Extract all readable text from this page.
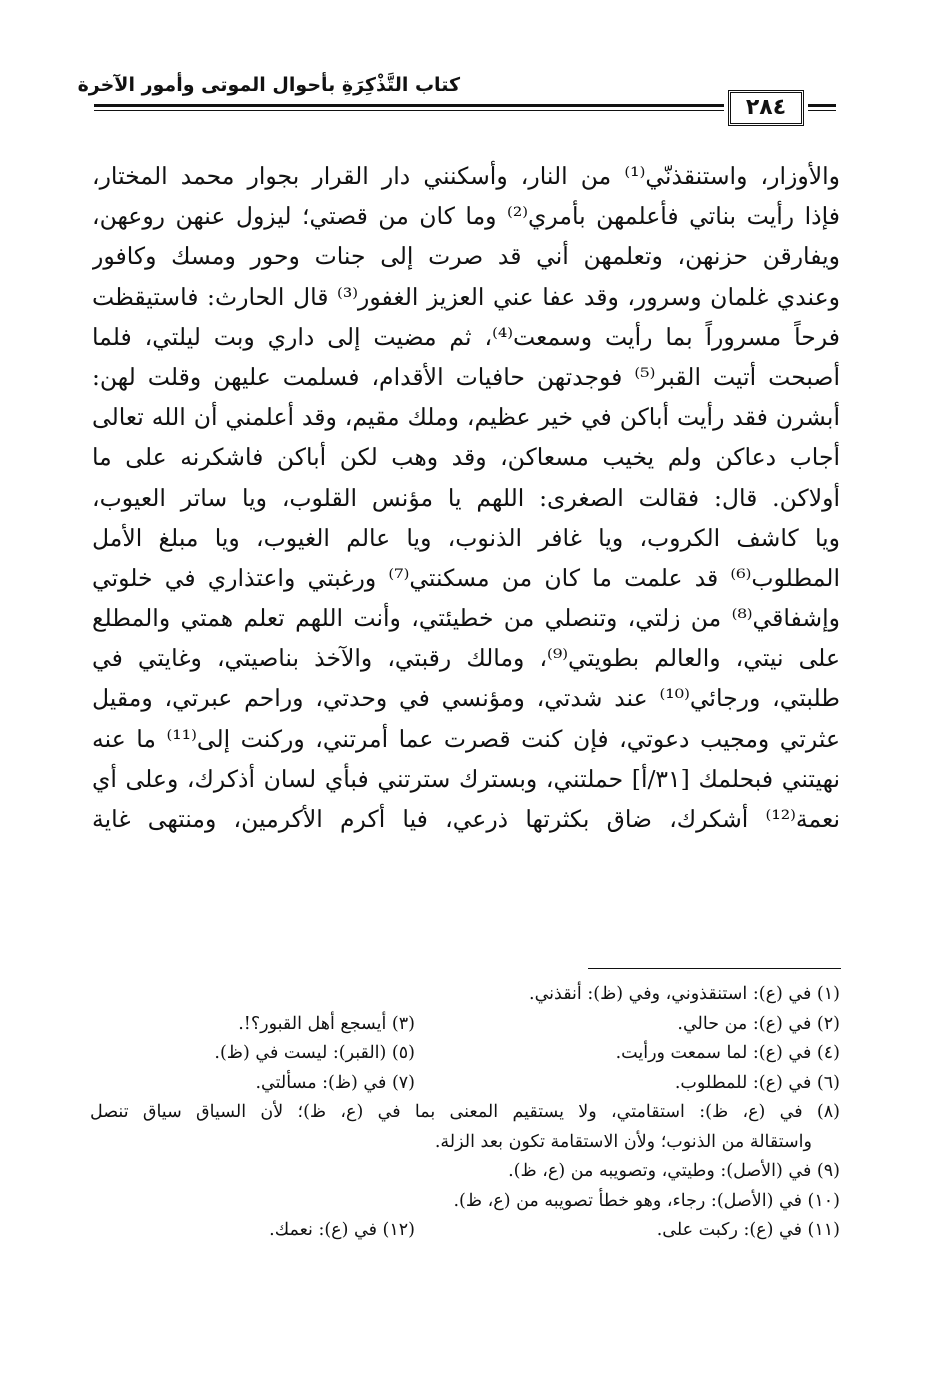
كتاب التَّذْكِرَةِ بأحوال الموتى وأمور الآخرة
٢٨٤
والأوزار، واستنقذنّي⁽¹⁾ من النار، وأسكنني دار القرار بجوار محمد المختار،
فإذا رأيت بناتي فأعلمهن بأمري⁽²⁾ وما كان من قصتي؛ ليزول عنهن روعهن،
ويفارقن حزنهن، وتعلمهن أني قد صرت إلى جنات وحور ومسك وكافور
وعندي غلمان وسرور، وقد عفا عني العزيز الغفور⁽³⁾ قال الحارث: فاستيقظت
فرحاً مسروراً بما رأيت وسمعت⁽⁴⁾، ثم مضيت إلى داري وبت ليلتي، فلما
أصبحت أتيت القبر⁽⁵⁾ فوجدتهن حافيات الأقدام، فسلمت عليهن وقلت لهن:
أبشرن فقد رأيت أباكن في خير عظيم، وملك مقيم، وقد أعلمني أن الله تعالى
أجاب دعاكن ولم يخيب مسعاكن، وقد وهب لكن أباكن فاشكرنه على ما
أولاكن. قال: فقالت الصغرى: اللهم يا مؤنس القلوب، ويا ساتر العيوب،
ويا كاشف الكروب، ويا غافر الذنوب، ويا عالم الغيوب، ويا مبلغ الأمل
المطلوب⁽⁶⁾ قد علمت ما كان من مسكنتي⁽⁷⁾ ورغبتي واعتذاري في خلوتي
وإشفاقي⁽⁸⁾ من زلتي، وتنصلي من خطيئتي، وأنت اللهم تعلم همتي والمطلع
على نيتي، والعالم بطويتي⁽⁹⁾، ومالك رقبتي، والآخذ بناصيتي، وغايتي في
طلبتي، ورجائي⁽¹⁰⁾ عند شدتي، ومؤنسي في وحدتي، وراحم عبرتي، ومقيل
عثرتي ومجيب دعوتي، فإن كنت قصرت عما أمرتني، وركنت إلى⁽¹¹⁾ ما عنه
نهيتني فبحلمك [٣١/أ] حملتني، وبسترك سترتني فبأي لسان أذكرك، وعلى أي
نعمة⁽¹²⁾ أشكرك، ضاق بكثرتها ذرعي، فيا أكرم الأكرمين، ومنتهى غاية
(١) في (ع): استنقذوني، وفي (ظ): أنقذني.
(٢) في (ع): من حالي.
(٣) أيسجع أهل القبور؟!.
(٤) في (ع): لما سمعت ورأيت.
(٥) (القبر): ليست في (ظ).
(٦) في (ع): للمطلوب.
(٧) في (ظ): مسألتي.
(٨) في (ع، ظ): استقامتي، ولا يستقيم المعنى بما في (ع، ظ)؛ لأن السياق سياق تنصل
واستقالة من الذنوب؛ ولأن الاستقامة تكون بعد الزلة.
(٩) في (الأصل): وطيتي، وتصويبه من (ع، ظ).
(١٠) في (الأصل): رجاء، وهو خطأ تصويبه من (ع، ظ).
(١١) في (ع): ركبت على.
(١٢) في (ع): نعمك.
